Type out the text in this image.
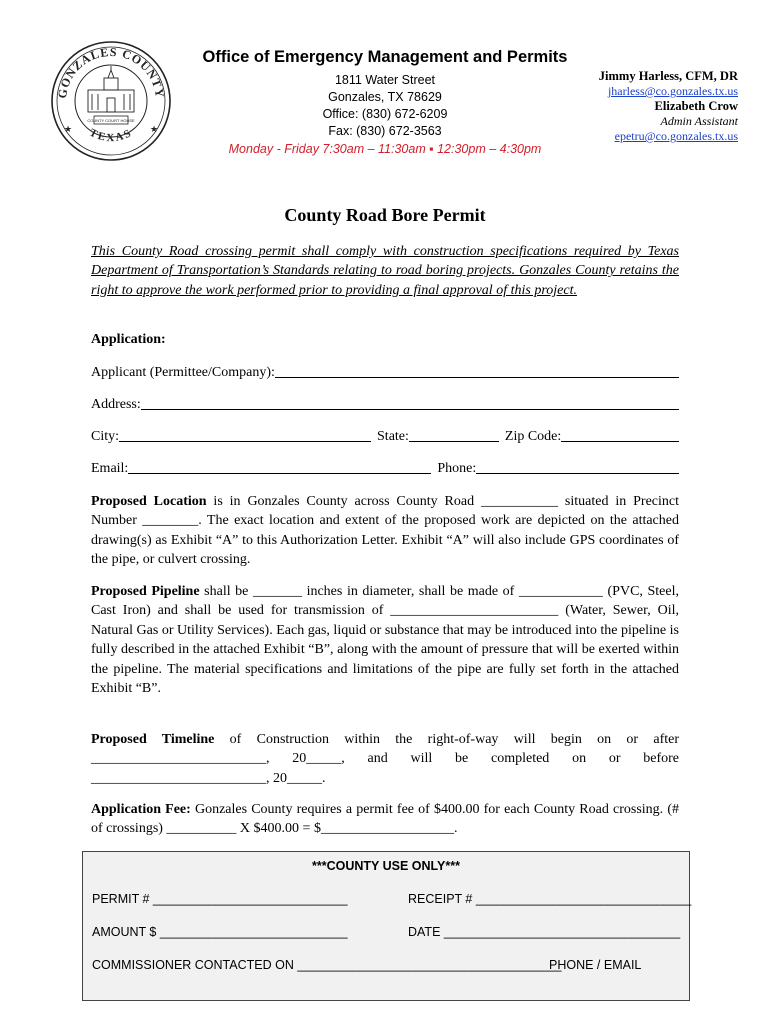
GONZALES COUNTY
TEXAS
★	★
COUNTY COURT HOUSE
Office of Emergency Management and Permits
1811 Water Street
Gonzales, TX 78629
Office: (830) 672-6209
Fax: (830) 672-3563
Monday - Friday 7:30am – 11:30am ▪ 12:30pm – 4:30pm
Jimmy Harless, CFM, DR
jharless@co.gonzales.tx.us
Elizabeth Crow
Admin Assistant
epetru@co.gonzales.tx.us
County Road Bore Permit
This County Road crossing permit shall comply with construction specifications required by Texas Department of Transportation’s Standards relating to road boring projects. Gonzales County retains the right to approve the work performed prior to providing a final approval of this project.
Application:
Applicant (Permittee/Company):
Address:
City:	State:	Zip Code:
Email:	Phone:
Proposed Location is in Gonzales County across County Road ___________ situated in Precinct Number ________. The exact location and extent of the proposed work are depicted on the attached drawing(s) as Exhibit “A” to this Authorization Letter. Exhibit “A” will also include GPS coordinates of the pipe, or culvert crossing.
Proposed Pipeline shall be _______ inches in diameter, shall be made of ____________ (PVC, Steel, Cast Iron) and shall be used for transmission of ________________________ (Water, Sewer, Oil, Natural Gas or Utility Services). Each gas, liquid or substance that may be introduced into the pipeline is fully described in the attached Exhibit “B”, along with the amount of pressure that will be exerted within the pipeline. The material specifications and limitations of the pipe are fully set forth in the attached Exhibit “B”.
Proposed Timeline of Construction within the right-of-way will begin on or after _________________________, 20_____, and will be completed on or before _________________________, 20_____.
Application Fee: Gonzales County requires a permit fee of $400.00 for each County Road crossing. (# of crossings) __________ X $400.00 = $___________________.
***COUNTY USE ONLY***
PERMIT # ____________________________	RECEIPT # _______________________________
AMOUNT $ ___________________________	DATE __________________________________
COMMISSIONER CONTACTED ON ______________________________________
PHONE / EMAIL
